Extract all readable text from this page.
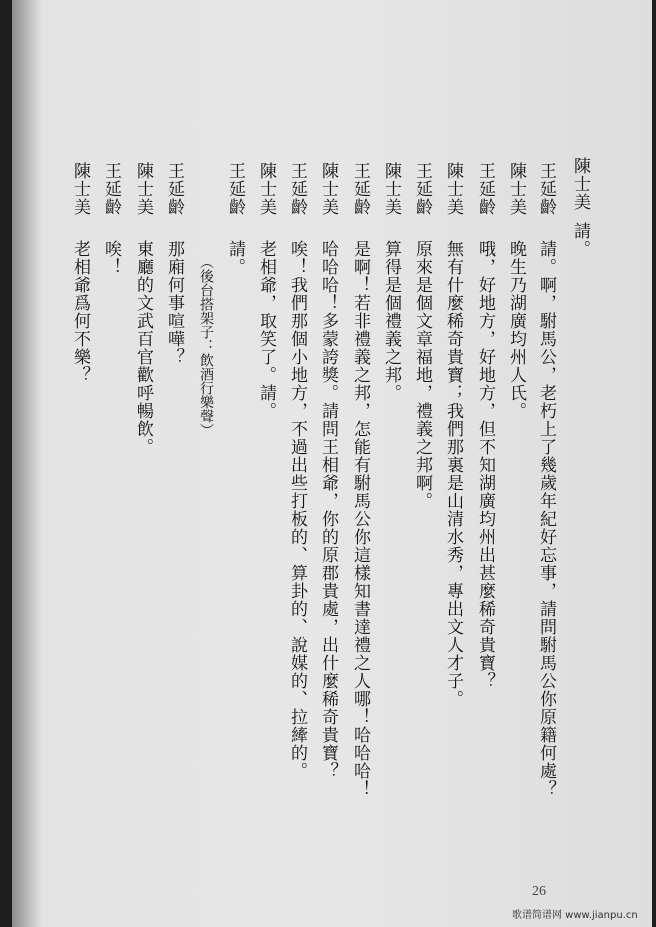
陳士美
請。
王延齡
請。啊，駙馬公，老朽上了幾歲年紀好忘事，請問駙馬公你原籍何處？
陳士美
晚生乃湖廣均州人氏。
王延齡
哦，好地方，好地方，但不知湖廣均州出甚麼稀奇貴寶？
陳士美
無有什麼稀奇貴寶；我們那裏是山清水秀，專出文人才子。
王延齡
原來是個文章福地，禮義之邦啊。
陳士美
算得是個禮義之邦。
王延齡
是啊！若非禮義之邦，怎能有駙馬公你這樣知書達禮之人哪！哈哈哈！
陳士美
哈哈哈！多蒙誇獎。請問王相爺，你的原郡貴處，出什麼稀奇貴寶？
王延齡
唉！我們那個小地方，不過出些打板的、算卦的、說媒的、拉縴的。
陳士美
老相爺，取笑了。請。
王延齡
請。
（後台搭架子：飲酒行樂聲）
王延齡
那廂何事喧嘩？
陳士美
東廳的文武百官歡呼暢飲。
王延齡
唉！
陳士美
老相爺爲何不樂？
26
歌谱简谱网 www.jianpu.cn
